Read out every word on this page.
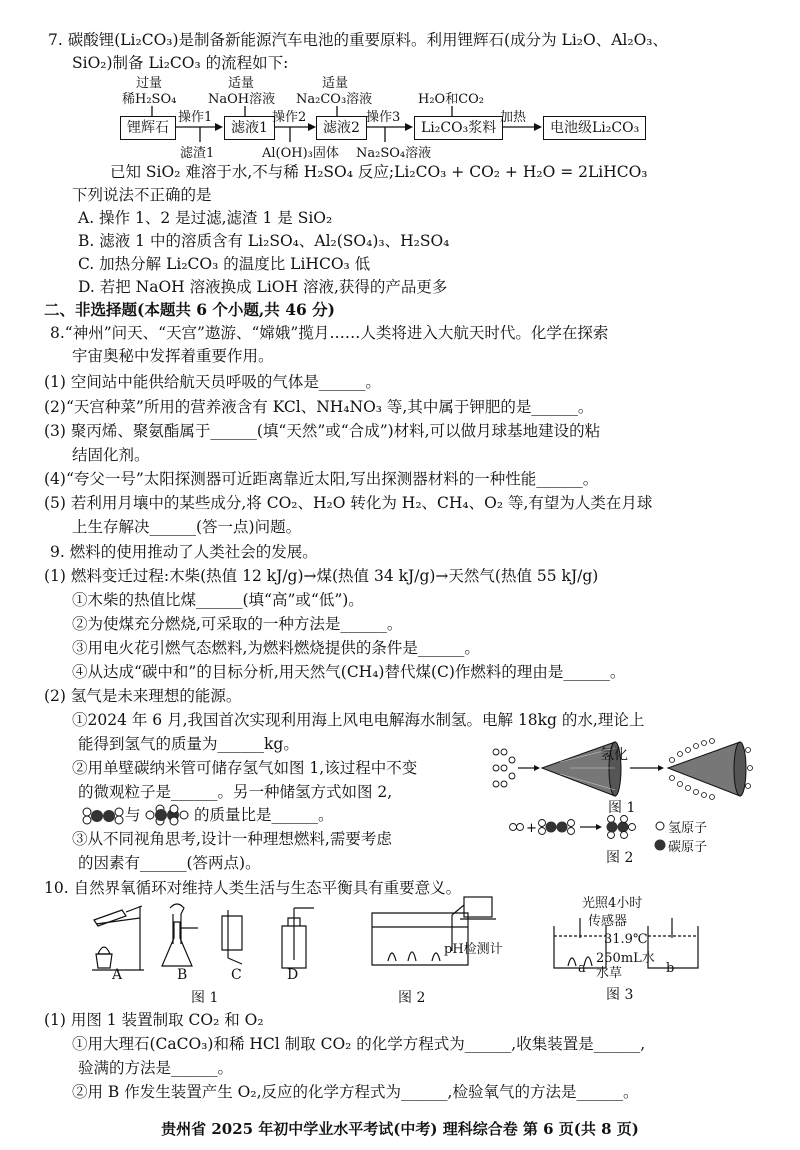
7. 碳酸锂(Li₂CO₃)是制备新能源汽车电池的重要原料。利用锂辉石(成分为 Li₂O、Al₂O₃、
SiO₂)制备 Li₂CO₃ 的流程如下:
过量
稀H₂SO₄
适量
NaOH溶液
适量
Na₂CO₃溶液	H₂O和CO₂
锂辉石	滤液1	滤液2	Li₂CO₃浆料	电池级Li₂CO₃
操作1	操作2	操作3	加热
滤渣1	Al(OH)₃固体 Na₂SO₄溶液
已知 SiO₂ 难溶于水,不与稀 H₂SO₄ 反应;Li₂CO₃ + CO₂ + H₂O = 2LiHCO₃
下列说法不正确的是
A. 操作 1、2 是过滤,滤渣 1 是 SiO₂
B. 滤液 1 中的溶质含有 Li₂SO₄、Al₂(SO₄)₃、H₂SO₄
C. 加热分解 Li₂CO₃ 的温度比 LiHCO₃ 低
D. 若把 NaOH 溶液换成 LiOH 溶液,获得的产品更多
二、非选择题(本题共 6 个小题,共 46 分)
8.“神州”问天、“天宫”遨游、“嫦娥”揽月……人类将进入大航天时代。化学在探索
宇宙奥秘中发挥着重要作用。
(1) 空间站中能供给航天员呼吸的气体是______。
(2)“天宫种菜”所用的营养液含有 KCl、NH₄NO₃ 等,其中属于钾肥的是______。
(3) 聚丙烯、聚氨酯属于______(填“天然”或“合成”)材料,可以做月球基地建设的粘
结固化剂。
(4)“夸父一号”太阳探测器可近距离靠近太阳,写出探测器材料的一种性能______。
(5) 若利用月壤中的某些成分,将 CO₂、H₂O 转化为 H₂、CH₄、O₂ 等,有望为人类在月球
上生存解决______(答一点)问题。
9. 燃料的使用推动了人类社会的发展。
(1) 燃料变迁过程:木柴(热值 12 kJ/g)→煤(热值 34 kJ/g)→天然气(热值 55 kJ/g)
①木柴的热值比煤______(填“高”或“低”)。
②为使煤充分燃烧,可采取的一种方法是______。
③用电火花引燃气态燃料,为燃料燃烧提供的条件是______。
④从达成“碳中和”的目标分析,用天然气(CH₄)替代煤(C)作燃料的理由是______。
(2) 氢气是未来理想的能源。
①2024 年 6 月,我国首次实现利用海上风电电解海水制氢。电解 18kg 的水,理论上
能得到氢气的质量为______kg。
②用单壁碳纳米管可储存氢气如图 1,该过程中不变
的微观粒子是______。另一种储氢方式如图 2,
与	的质量比是______。
③从不同视角思考,设计一种理想燃料,需要考虑
的因素有______(答两点)。
氢化
图 1
+
图 2
氢原子
碳原子
10. 自然界氧循环对维持人类生活与生态平衡具有重要意义。
A	B	C	D
图 1
pH检测计
图 2
光照4小时
传感器
31.9℃
250mL水
a 水草	b
图 3
(1) 用图 1 装置制取 CO₂ 和 O₂
①用大理石(CaCO₃)和稀 HCl 制取 CO₂ 的化学方程式为______,收集装置是______,
验满的方法是______。
②用 B 作发生装置产生 O₂,反应的化学方程式为______,检验氧气的方法是______。
贵州省 2025 年初中学业水平考试(中考) 理科综合卷 第 6 页(共 8 页)
